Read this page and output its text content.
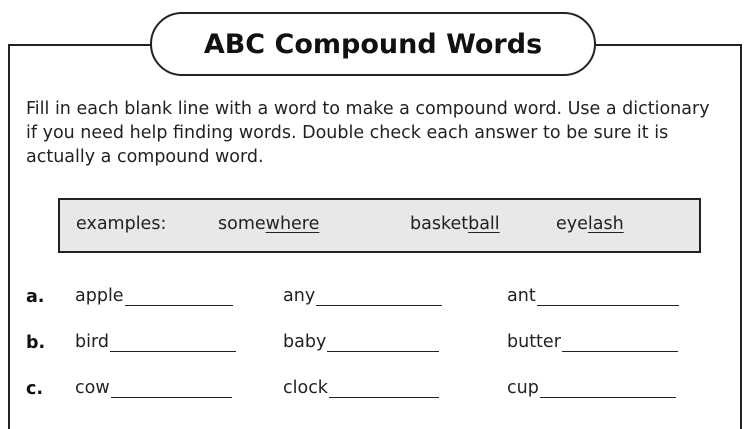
ABC Compound Words
Fill in each blank line with a word to make a compound word. Use a dictionary if you need help finding words. Double check each answer to be sure it is actually a compound word.
examples:	somewhere	basketball	eyelash
a. apple	any	ant
b. bird	baby	butter
c. cow	clock	cup
